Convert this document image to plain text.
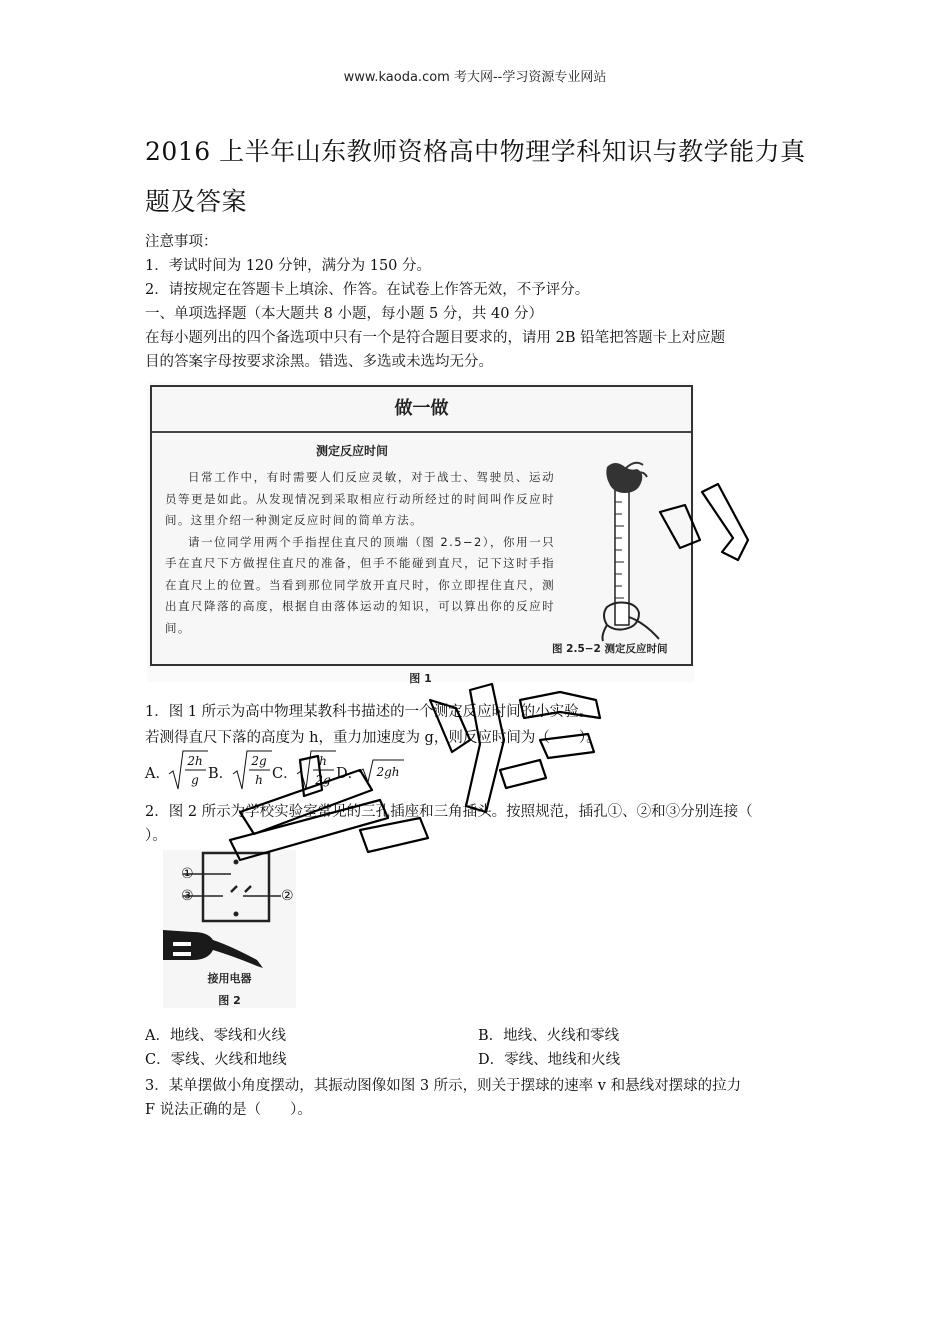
www.kaoda.com 考大网--学习资源专业网站
2016 上半年山东教师资格高中物理学科知识与教学能力真
题及答案
注意事项：
1．考试时间为 120 分钟，满分为 150 分。
2．请按规定在答题卡上填涂、作答。在试卷上作答无效，不予评分。
一、单项选择题（本大题共 8 小题，每小题 5 分，共 40 分）
在每小题列出的四个备选项中只有一个是符合题目要求的，请用 2B 铅笔把答题卡上对应题
目的答案字母按要求涂黑。错选、多选或未选均无分。
做一做
测定反应时间

日常工作中，有时需要人们反应灵敏，对于战士、驾驶员、运动员等更是如此。从发现情况到采取相应行动所经过的时间叫作反应时间。这里介绍一种测定反应时间的简单方法。

请一位同学用两个手指捏住直尺的顶端（图 2.5−2），你用一只手在直尺下方做捏住直尺的准备，但手不能碰到直尺，记下这时手指在直尺上的位置。当看到那位同学放开直尺时，你立即捏住直尺，测出直尺降落的高度，根据自由落体运动的知识，可以算出你的反应时间。

图 2.5−2 测定反应时间
图 1
1．图 1 所示为高中物理某教科书描述的一个测定反应时间的小实验。
若测得直尺下落的高度为 h，重力加速度为 g，则反应时间为（　　）。
A．
2h
g B．
2g
h C．
h
2g D． 2gh
2．图 2 所示为学校实验室常见的三孔插座和三角插头。按照规范，插孔①、②和③分别连接（
）。
①
②
③
接用电器
图 2
A．地线、零线和火线	B．地线、火线和零线
C．零线、火线和地线	D．零线、地线和火线
3．某单摆做小角度摆动，其振动图像如图 3 所示，则关于摆球的速率 v 和悬线对摆球的拉力
F 说法正确的是（　　）。
